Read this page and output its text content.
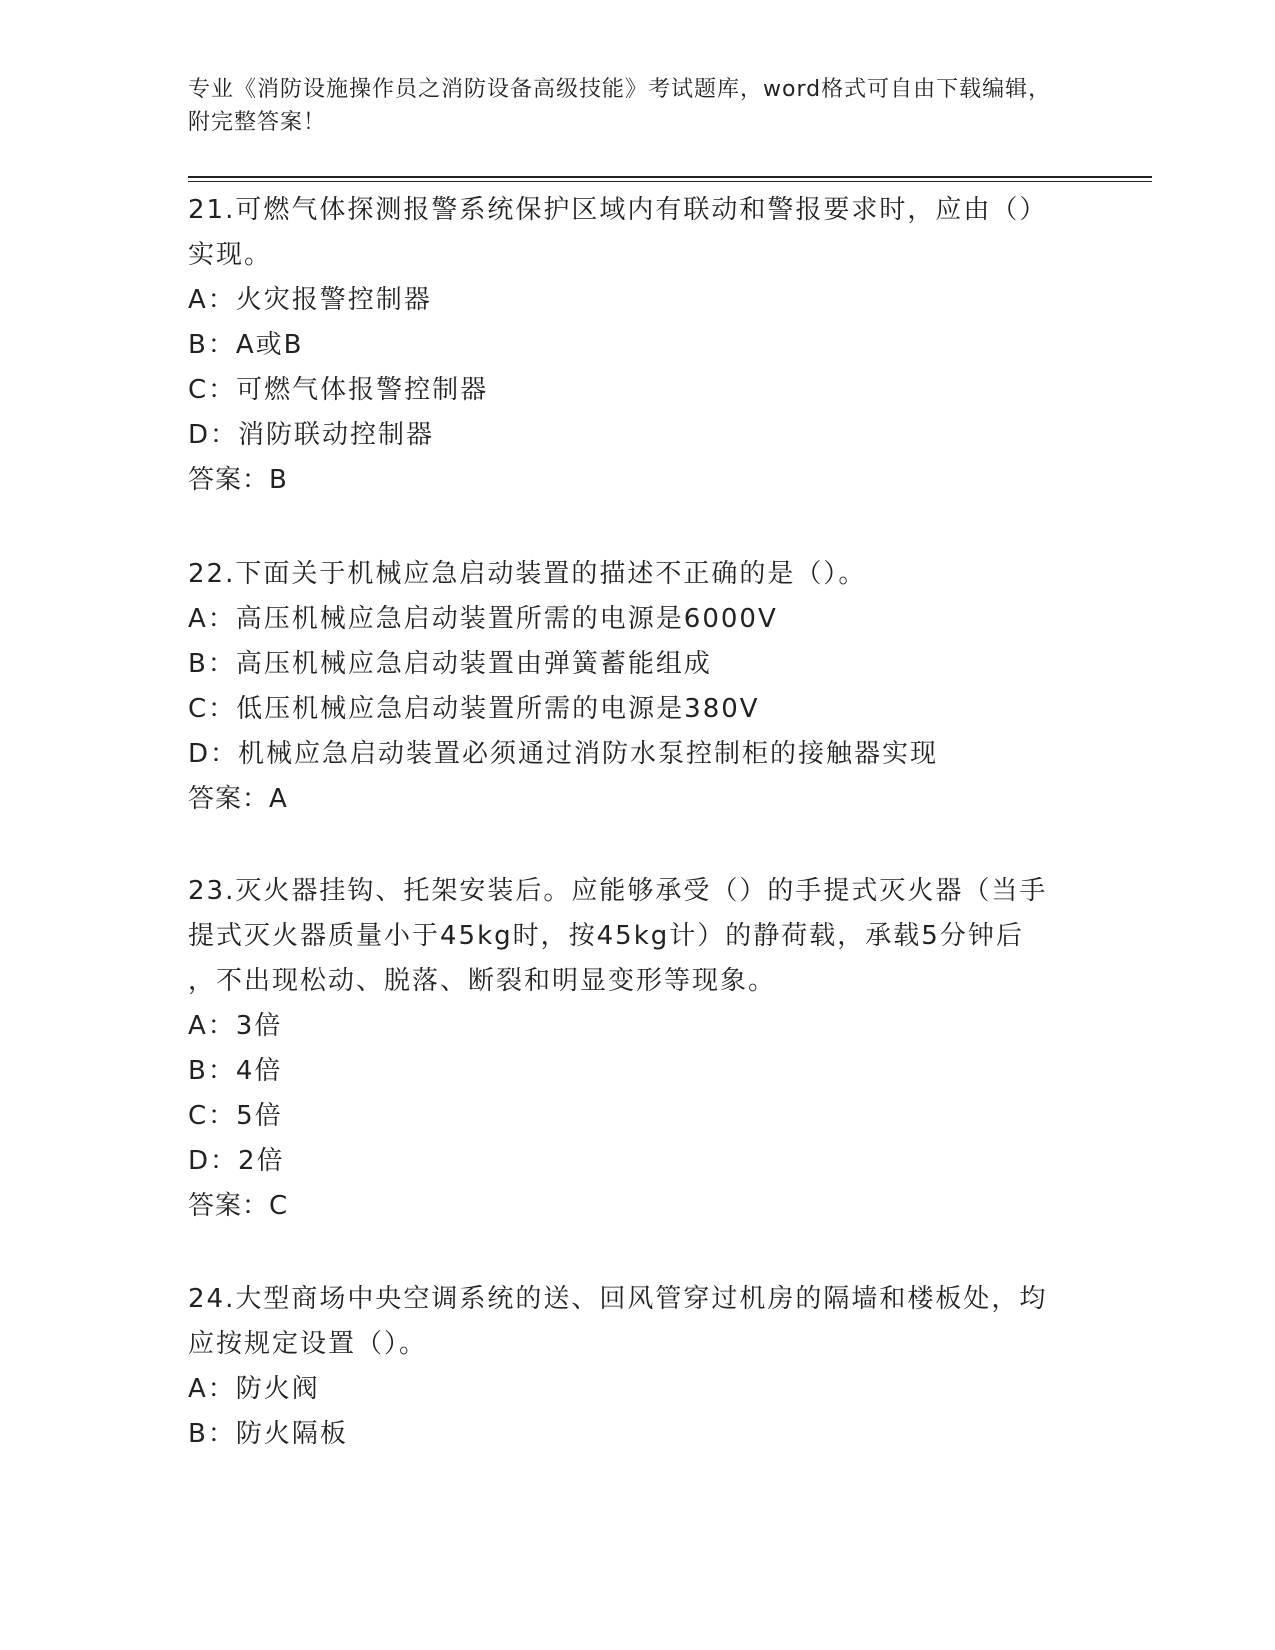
专业《消防设施操作员之消防设备高级技能》考试题库，word格式可自由下载编辑，附完整答案！
21.可燃气体探测报警系统保护区域内有联动和警报要求时，应由（）实现。
A：火灾报警控制器
B：A或B
C：可燃气体报警控制器
D：消防联动控制器
答案：B
22.下面关于机械应急启动装置的描述不正确的是（）。
A：高压机械应急启动装置所需的电源是6000V
B：高压机械应急启动装置由弹簧蓄能组成
C：低压机械应急启动装置所需的电源是380V
D：机械应急启动装置必须通过消防水泵控制柜的接触器实现
答案：A
23.灭火器挂钩、托架安装后。应能够承受（）的手提式灭火器（当手
提式灭火器质量小于45kg时，按45kg计）的静荷载，承载5分钟后
，不出现松动、脱落、断裂和明显变形等现象。
A：3倍
B：4倍
C：5倍
D：2倍
答案：C
24.大型商场中央空调系统的送、回风管穿过机房的隔墙和楼板处，均
应按规定设置（）。
A：防火阀
B：防火隔板
